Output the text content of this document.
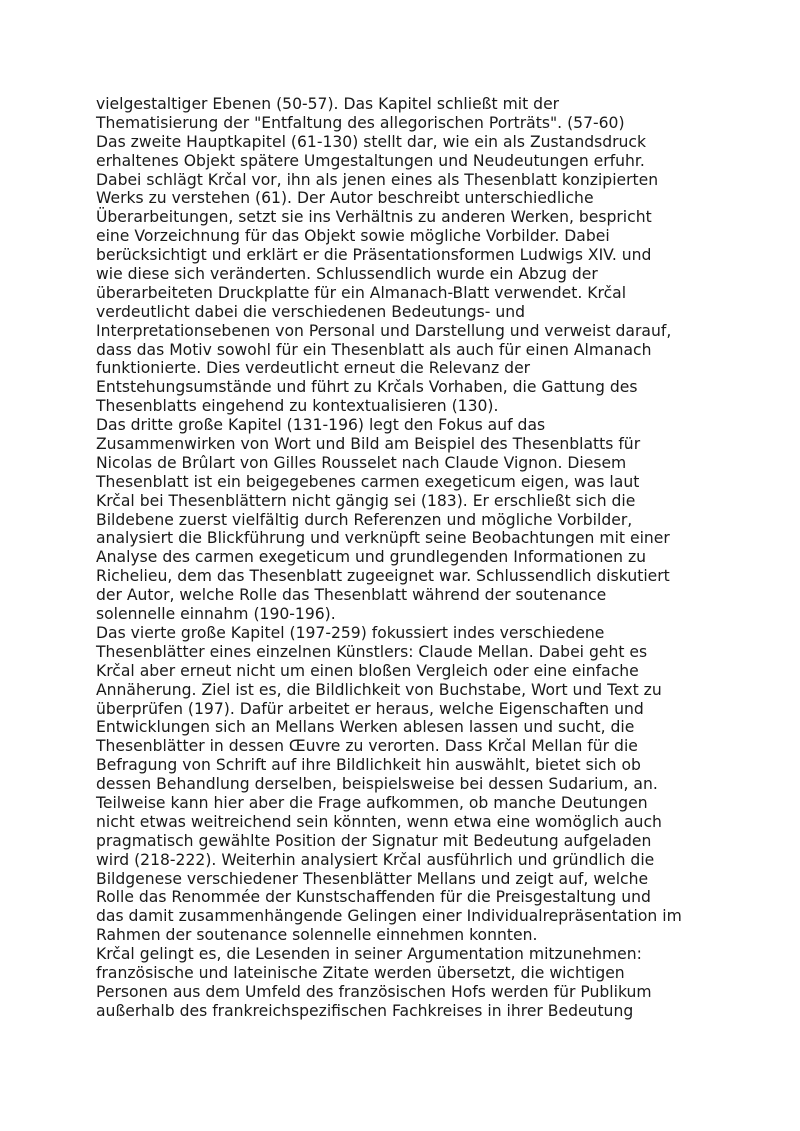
vielgestaltiger Ebenen (50-57). Das Kapitel schließt mit der

Thematisierung der "Entfaltung des allegorischen Porträts". (57-60)

Das zweite Hauptkapitel (61-130) stellt dar, wie ein als Zustandsdruck

erhaltenes Objekt spätere Umgestaltungen und Neudeutungen erfuhr.

Dabei schlägt Krčal vor, ihn als jenen eines als Thesenblatt konzipierten

Werks zu verstehen (61). Der Autor beschreibt unterschiedliche

Überarbeitungen, setzt sie ins Verhältnis zu anderen Werken, bespricht

eine Vorzeichnung für das Objekt sowie mögliche Vorbilder. Dabei

berücksichtigt und erklärt er die Präsentationsformen Ludwigs XIV. und

wie diese sich veränderten. Schlussendlich wurde ein Abzug der

überarbeiteten Druckplatte für ein Almanach-Blatt verwendet. Krčal

verdeutlicht dabei die verschiedenen Bedeutungs- und

Interpretationsebenen von Personal und Darstellung und verweist darauf,

dass das Motiv sowohl für ein Thesenblatt als auch für einen Almanach

funktionierte. Dies verdeutlicht erneut die Relevanz der

Entstehungsumstände und führt zu Krčals Vorhaben, die Gattung des

Thesenblatts eingehend zu kontextualisieren (130).

Das dritte große Kapitel (131-196) legt den Fokus auf das

Zusammenwirken von Wort und Bild am Beispiel des Thesenblatts für

Nicolas de Brûlart von Gilles Rousselet nach Claude Vignon. Diesem

Thesenblatt ist ein beigegebenes carmen exegeticum eigen, was laut

Krčal bei Thesenblättern nicht gängig sei (183). Er erschließt sich die

Bildebene zuerst vielfältig durch Referenzen und mögliche Vorbilder,

analysiert die Blickführung und verknüpft seine Beobachtungen mit einer

Analyse des carmen exegeticum und grundlegenden Informationen zu

Richelieu, dem das Thesenblatt zugeeignet war. Schlussendlich diskutiert

der Autor, welche Rolle das Thesenblatt während der soutenance

solennelle einnahm (190-196).

Das vierte große Kapitel (197-259) fokussiert indes verschiedene

Thesenblätter eines einzelnen Künstlers: Claude Mellan. Dabei geht es

Krčal aber erneut nicht um einen bloßen Vergleich oder eine einfache

Annäherung. Ziel ist es, die Bildlichkeit von Buchstabe, Wort und Text zu

überprüfen (197). Dafür arbeitet er heraus, welche Eigenschaften und

Entwicklungen sich an Mellans Werken ablesen lassen und sucht, die

Thesenblätter in dessen Œuvre zu verorten. Dass Krčal Mellan für die

Befragung von Schrift auf ihre Bildlichkeit hin auswählt, bietet sich ob

dessen Behandlung derselben, beispielsweise bei dessen Sudarium, an.

Teilweise kann hier aber die Frage aufkommen, ob manche Deutungen

nicht etwas weitreichend sein könnten, wenn etwa eine womöglich auch

pragmatisch gewählte Position der Signatur mit Bedeutung aufgeladen

wird (218-222). Weiterhin analysiert Krčal ausführlich und gründlich die

Bildgenese verschiedener Thesenblätter Mellans und zeigt auf, welche

Rolle das Renommée der Kunstschaffenden für die Preisgestaltung und

das damit zusammenhängende Gelingen einer Individualrepräsentation im

Rahmen der soutenance solennelle einnehmen konnten.

Krčal gelingt es, die Lesenden in seiner Argumentation mitzunehmen:

französische und lateinische Zitate werden übersetzt, die wichtigen

Personen aus dem Umfeld des französischen Hofs werden für Publikum

außerhalb des frankreichspezifischen Fachkreises in ihrer Bedeutung
